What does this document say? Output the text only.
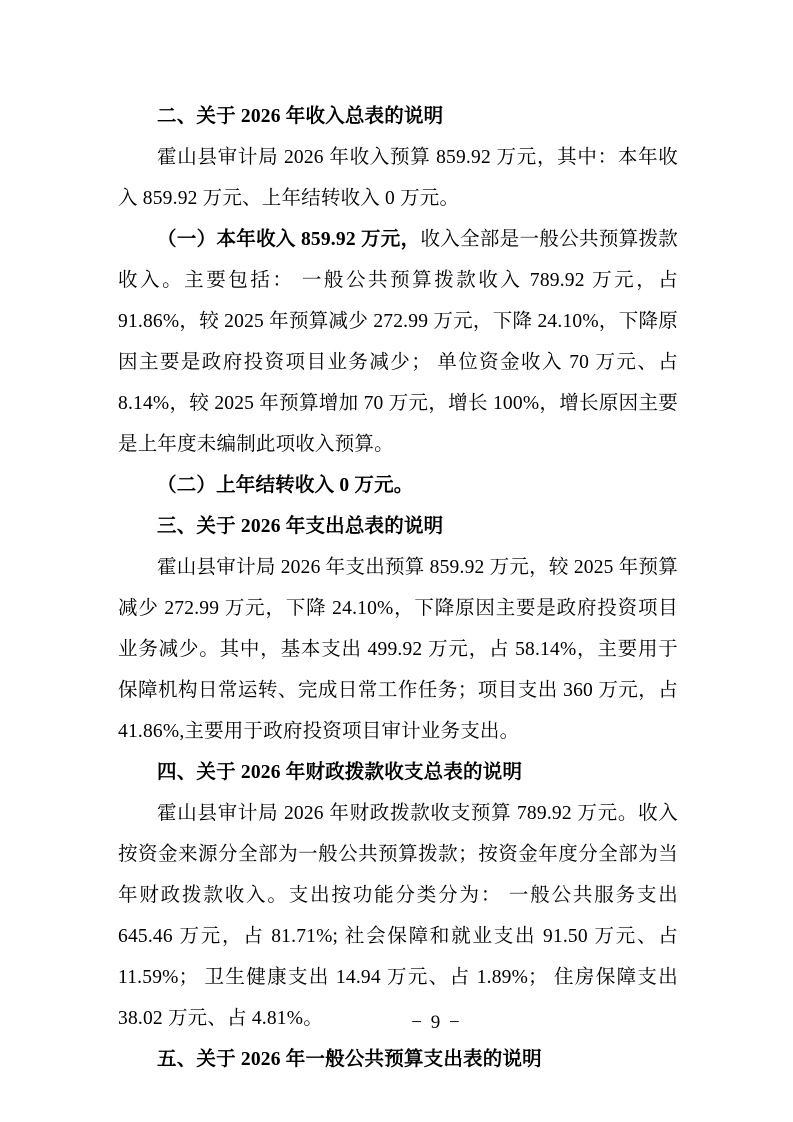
二、关于 2026 年收入总表的说明

霍山县审计局 2026 年收入预算 859.92 万元，其中：本年收入 859.92 万元、上年结转收入 0 万元。

（一）本年收入 859.92 万元，收入全部是一般公共预算拨款收入。主要包括： 一般公共预算拨款收入 789.92 万元，占 91.86%，较 2025 年预算减少 272.99 万元，下降 24.10%，下降原因主要是政府投资项目业务减少； 单位资金收入 70 万元、占 8.14%，较 2025 年预算增加 70 万元，增长 100%，增长原因主要是上年度未编制此项收入预算。

（二）上年结转收入 0 万元。

三、关于 2026 年支出总表的说明

霍山县审计局 2026 年支出预算 859.92 万元，较 2025 年预算减少 272.99 万元，下降 24.10%，下降原因主要是政府投资项目业务减少。其中，基本支出 499.92 万元，占 58.14%，主要用于保障机构日常运转、完成日常工作任务；项目支出 360 万元，占 41.86%,主要用于政府投资项目审计业务支出。

四、关于 2026 年财政拨款收支总表的说明

霍山县审计局 2026 年财政拨款收支预算 789.92 万元。收入按资金来源分全部为一般公共预算拨款；按资金年度分全部为当年财政拨款收入。支出按功能分类分为： 一般公共服务支出 645.46 万元，占 81.71%; 社会保障和就业支出 91.50 万元、占 11.59%； 卫生健康支出 14.94 万元、占 1.89%； 住房保障支出 38.02 万元、占 4.81%。

五、关于 2026 年一般公共预算支出表的说明

− 9 −
